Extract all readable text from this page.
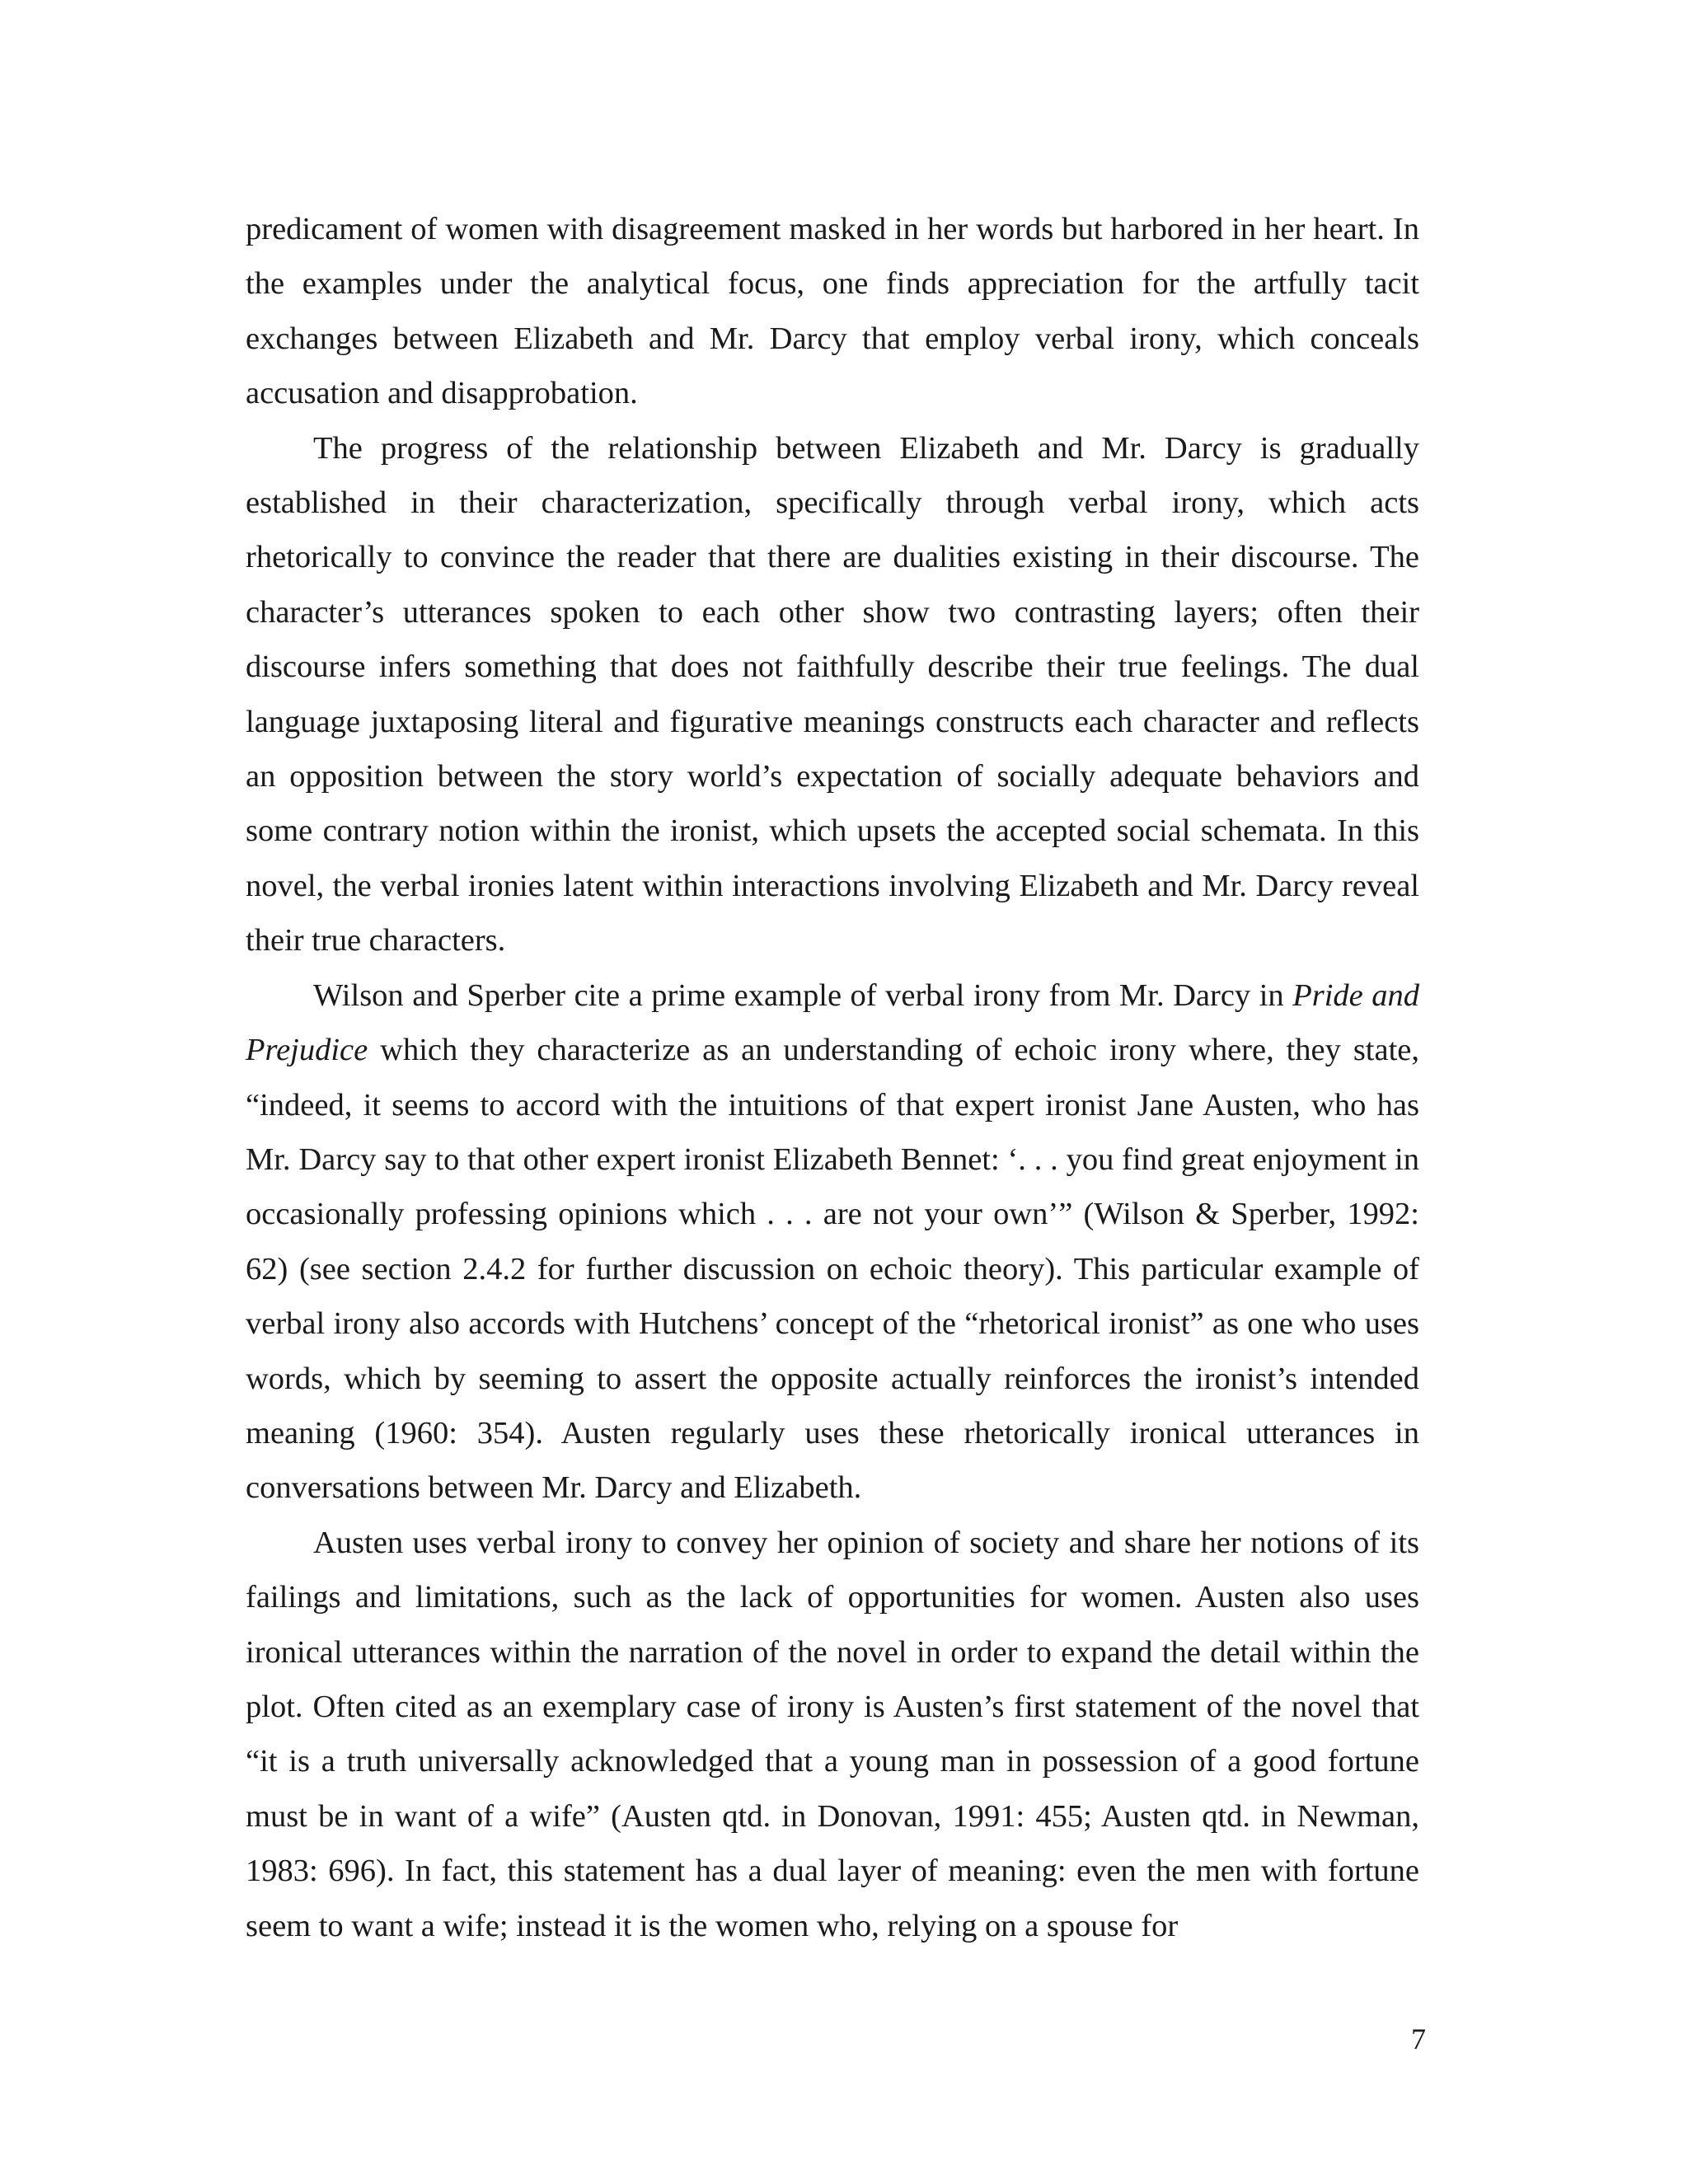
predicament of women with disagreement masked in her words but harbored in her heart. In the examples under the analytical focus, one finds appreciation for the artfully tacit exchanges between Elizabeth and Mr. Darcy that employ verbal irony, which conceals accusation and disapprobation.

The progress of the relationship between Elizabeth and Mr. Darcy is gradually established in their characterization, specifically through verbal irony, which acts rhetorically to convince the reader that there are dualities existing in their discourse. The character’s utterances spoken to each other show two contrasting layers; often their discourse infers something that does not faithfully describe their true feelings. The dual language juxtaposing literal and figurative meanings constructs each character and reflects an opposition between the story world’s expectation of socially adequate behaviors and some contrary notion within the ironist, which upsets the accepted social schemata. In this novel, the verbal ironies latent within interactions involving Elizabeth and Mr. Darcy reveal their true characters.

Wilson and Sperber cite a prime example of verbal irony from Mr. Darcy in Pride and Prejudice which they characterize as an understanding of echoic irony where, they state, “indeed, it seems to accord with the intuitions of that expert ironist Jane Austen, who has Mr. Darcy say to that other expert ironist Elizabeth Bennet: ‘. . . you find great enjoyment in occasionally professing opinions which . . . are not your own’” (Wilson & Sperber, 1992: 62) (see section 2.4.2 for further discussion on echoic theory). This particular example of verbal irony also accords with Hutchens’ concept of the “rhetorical ironist” as one who uses words, which by seeming to assert the opposite actually reinforces the ironist’s intended meaning (1960: 354). Austen regularly uses these rhetorically ironical utterances in conversations between Mr. Darcy and Elizabeth.

Austen uses verbal irony to convey her opinion of society and share her notions of its failings and limitations, such as the lack of opportunities for women. Austen also uses ironical utterances within the narration of the novel in order to expand the detail within the plot. Often cited as an exemplary case of irony is Austen’s first statement of the novel that “it is a truth universally acknowledged that a young man in possession of a good fortune must be in want of a wife” (Austen qtd. in Donovan, 1991: 455; Austen qtd. in Newman, 1983: 696). In fact, this statement has a dual layer of meaning: even the men with fortune seem to want a wife; instead it is the women who, relying on a spouse for

7
